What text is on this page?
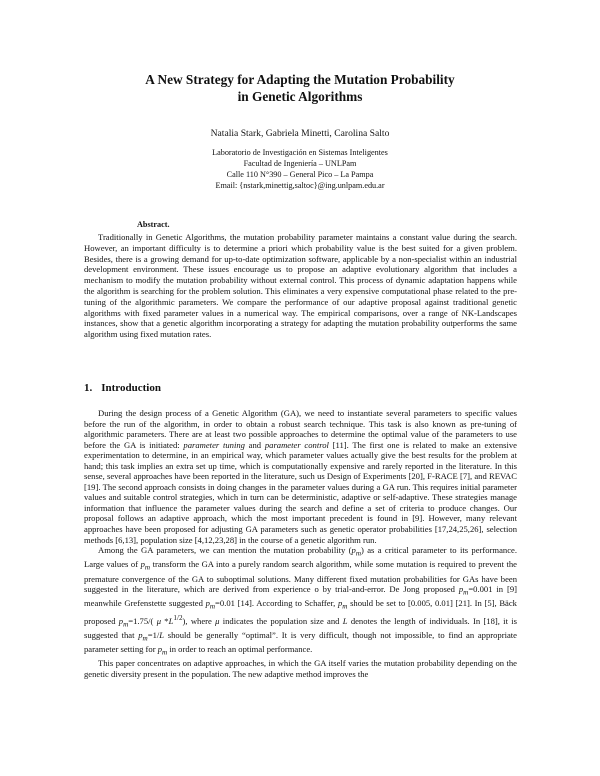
A New Strategy for Adapting the Mutation Probability
in Genetic Algorithms
Natalia Stark, Gabriela Minetti, Carolina Salto
Laboratorio de Investigación en Sistemas Inteligentes
Facultad de Ingeniería – UNLPam
Calle 110 N°390 – General Pico – La Pampa
Email: {nstark,minettig,saltoc}@ing.unlpam.edu.ar
Abstract.

Traditionally in Genetic Algorithms, the mutation probability parameter maintains a constant value during the search. However, an important difficulty is to determine a priori which probability value is the best suited for a given problem. Besides, there is a growing demand for up-to-date optimization software, applicable by a non-specialist within an industrial development environment. These issues encourage us to propose an adaptive evolutionary algorithm that includes a mechanism to modify the mutation probability without external control. This process of dynamic adaptation happens while the algorithm is searching for the problem solution. This eliminates a very expensive computational phase related to the pre-tuning of the algorithmic parameters. We compare the performance of our adaptive proposal against traditional genetic algorithms with fixed parameter values in a numerical way. The empirical comparisons, over a range of NK-Landscapes instances, show that a genetic algorithm incorporating a strategy for adapting the mutation probability outperforms the same algorithm using fixed mutation rates.

1. Introduction

During the design process of a Genetic Algorithm (GA), we need to instantiate several parameters to specific values before the run of the algorithm, in order to obtain a robust search technique. This task is also known as pre-tuning of algorithmic parameters. There are at least two possible approaches to determine the optimal value of the parameters to use before the GA is initiated: parameter tuning and parameter control [11]. The first one is related to make an extensive experimentation to determine, in an empirical way, which parameter values actually give the best results for the problem at hand; this task implies an extra set up time, which is computationally expensive and rarely reported in the literature. In this sense, several approaches have been reported in the literature, such us Design of Experiments [20], F-RACE [7], and REVAC [19]. The second approach consists in doing changes in the parameter values during a GA run. This requires initial parameter values and suitable control strategies, which in turn can be deterministic, adaptive or self-adaptive. These strategies manage information that influence the parameter values during the search and define a set of criteria to produce changes. Our proposal follows an adaptive approach, which the most important precedent is found in [9]. However, many relevant approaches have been proposed for adjusting GA parameters such as genetic operator probabilities [17,24,25,26], selection methods [6,13], population size [4,12,23,28] in the course of a genetic algorithm run.

Among the GA parameters, we can mention the mutation probability $(p_m)$ as a critical parameter to its performance. Large values of $p_m$ transform the GA into a purely random search algorithm, while some mutation is required to prevent the premature convergence of the GA to suboptimal solutions. Many different fixed mutation probabilities for GAs have been suggested in the literature, which are derived from experience o by trial-and-error. De Jong proposed $p_m=0.001$ in [9] meanwhile Grefenstette suggested $p_m=0.01$ [14]. According to Schaffer, $p_m$ should be set to [0.005, 0.01] [21]. In [5], Bäck proposed $p_m=1.75/$( μ $*L^{1/2}$), where μ indicates the population size and L denotes the length of individuals. In [18], it is suggested that $p_m=1/L$ should be generally “optimal”. It is very difficult, though not impossible, to find an appropriate parameter setting for $p_m$ in order to reach an optimal performance.

This paper concentrates on adaptive approaches, in which the GA itself varies the mutation probability depending on the genetic diversity present in the population. The new adaptive method improves the
